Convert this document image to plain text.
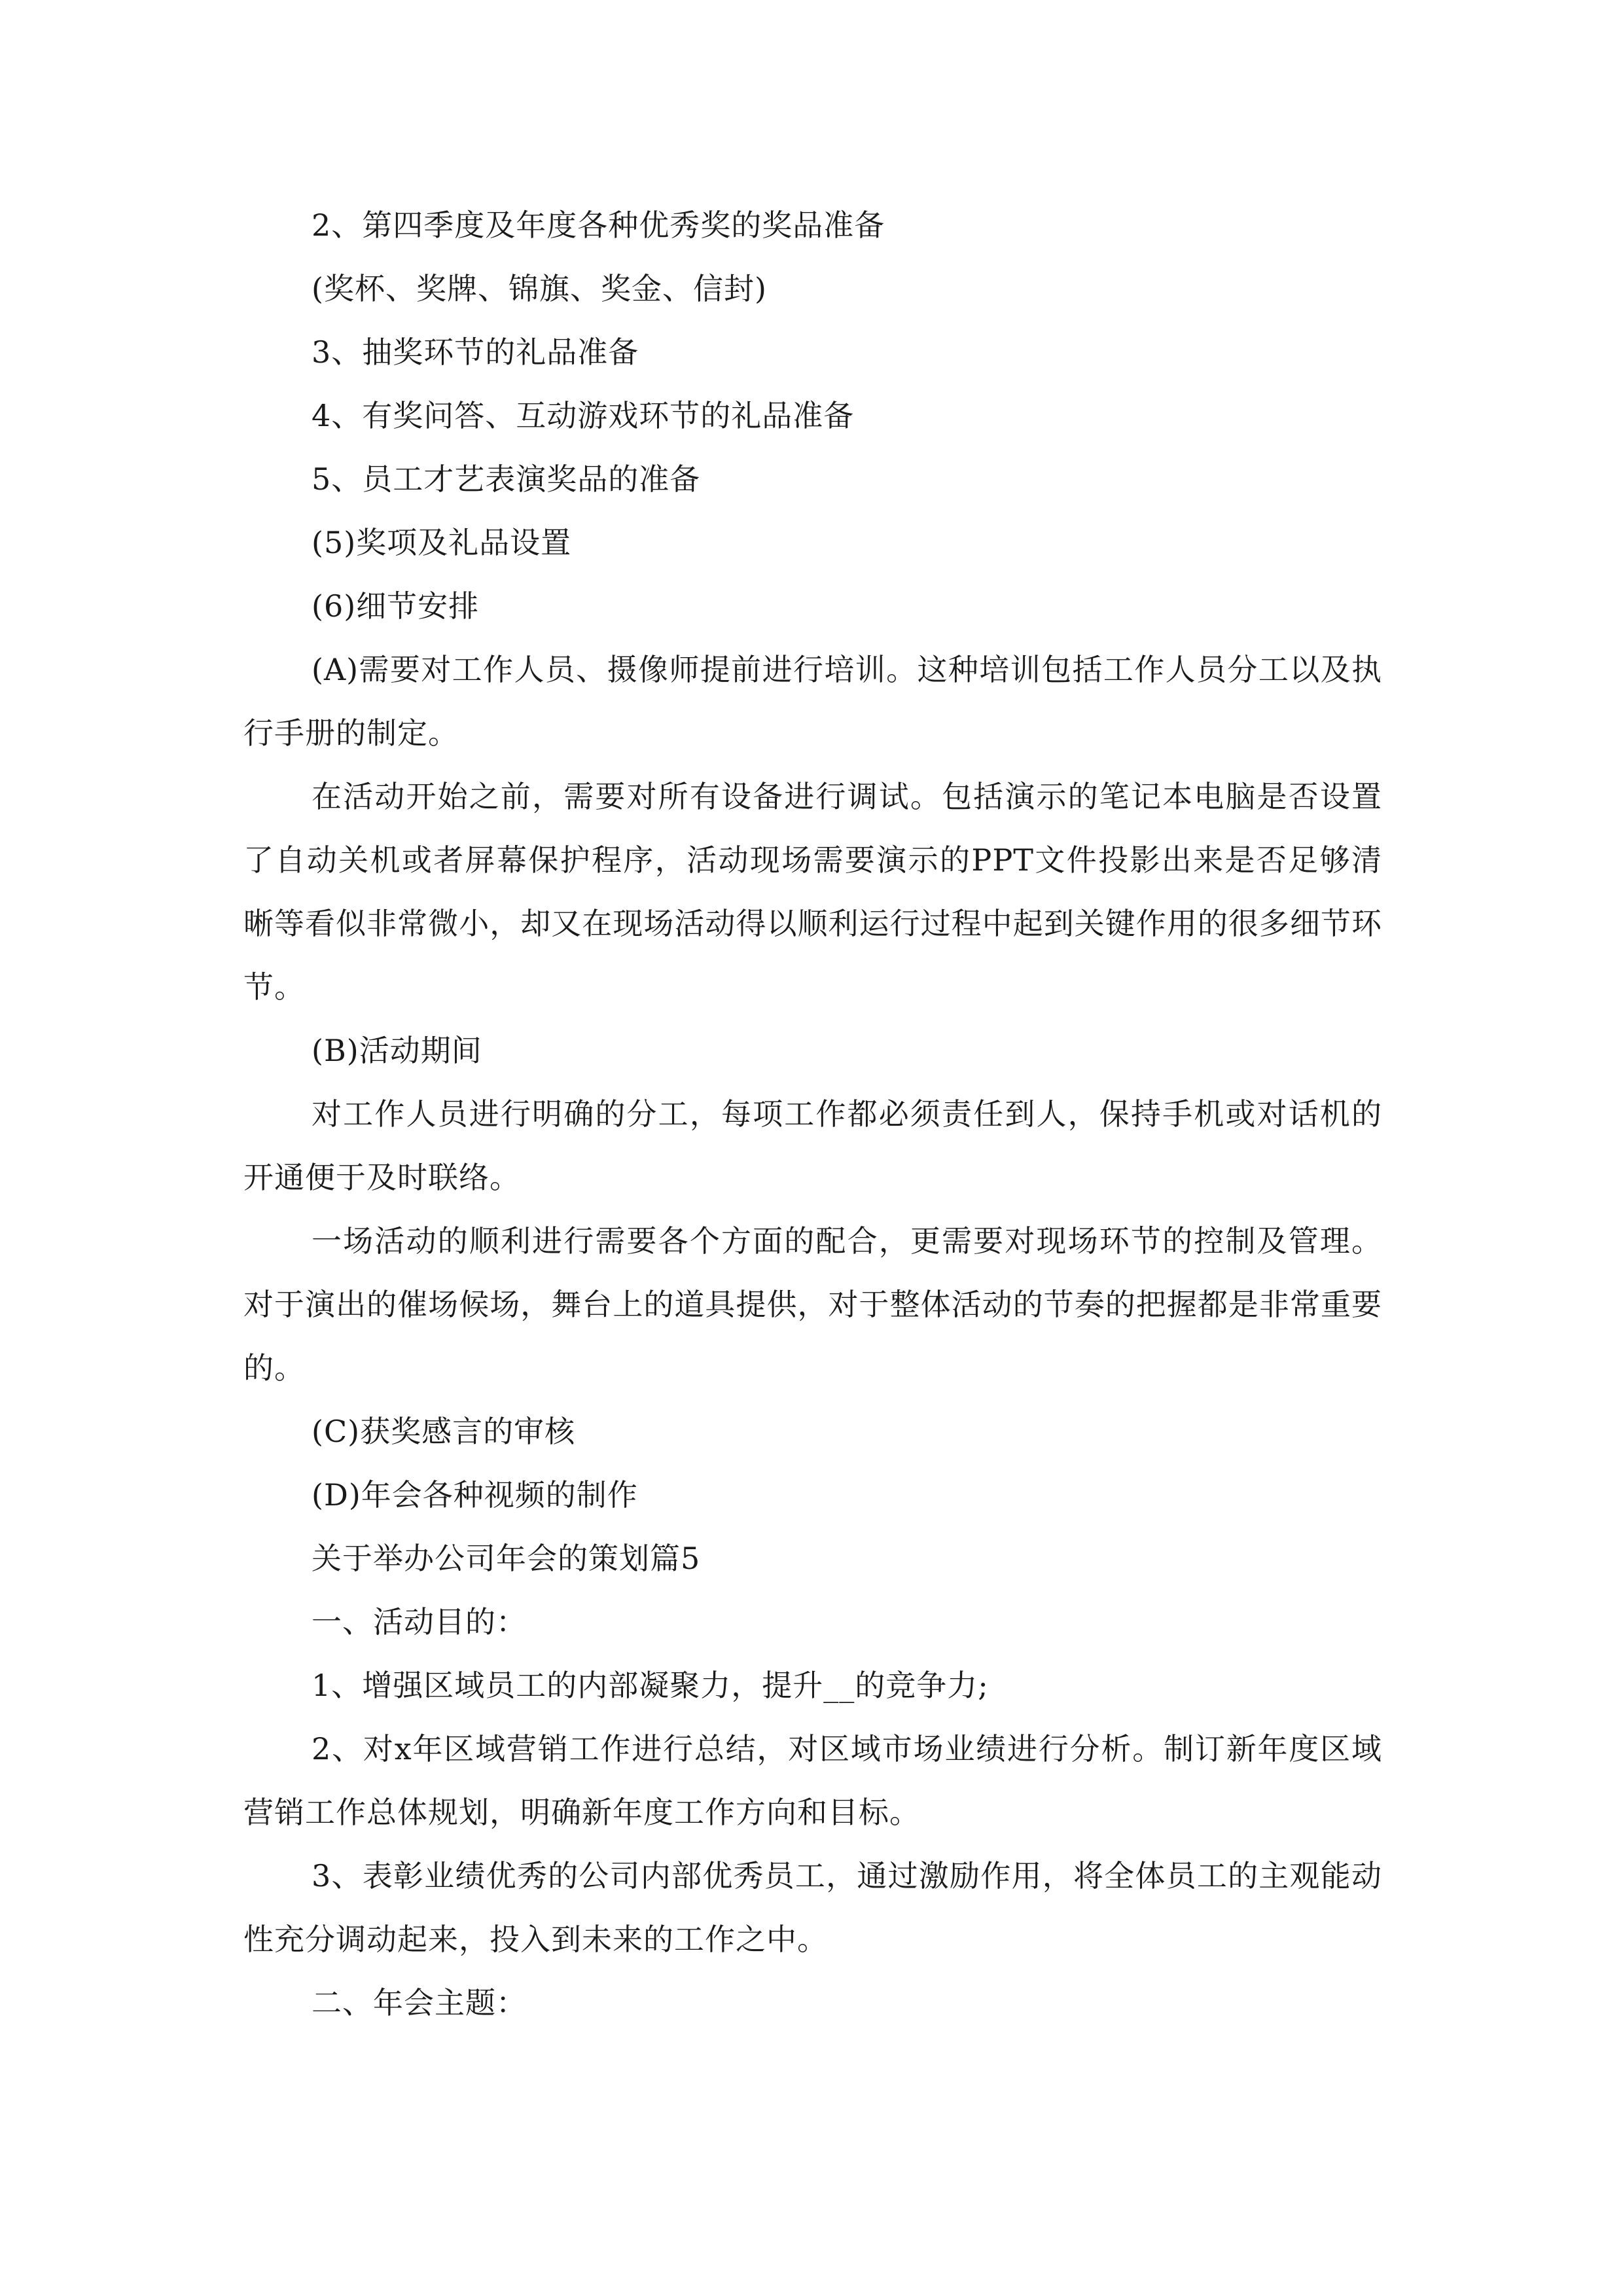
2、第四季度及年度各种优秀奖的奖品准备

(奖杯、奖牌、锦旗、奖金、信封)

3、抽奖环节的礼品准备

4、有奖问答、互动游戏环节的礼品准备

5、员工才艺表演奖品的准备

(5)奖项及礼品设置

(6)细节安排

(A)需要对工作人员、摄像师提前进行培训。这种培训包括工作人员分工以及执行手册的制定。

在活动开始之前，需要对所有设备进行调试。包括演示的笔记本电脑是否设置了自动关机或者屏幕保护程序，活动现场需要演示的PPT文件投影出来是否足够清晰等看似非常微小，却又在现场活动得以顺利运行过程中起到关键作用的很多细节环节。

(B)活动期间

对工作人员进行明确的分工，每项工作都必须责任到人，保持手机或对话机的开通便于及时联络。

一场活动的顺利进行需要各个方面的配合，更需要对现场环节的控制及管理。对于演出的催场候场，舞台上的道具提供，对于整体活动的节奏的把握都是非常重要的。

(C)获奖感言的审核

(D)年会各种视频的制作

关于举办公司年会的策划篇5

一、活动目的：

1、增强区域员工的内部凝聚力，提升__的竞争力;

2、对x年区域营销工作进行总结，对区域市场业绩进行分析。制订新年度区域营销工作总体规划，明确新年度工作方向和目标。

3、表彰业绩优秀的公司内部优秀员工，通过激励作用，将全体员工的主观能动性充分调动起来，投入到未来的工作之中。

二、年会主题：
